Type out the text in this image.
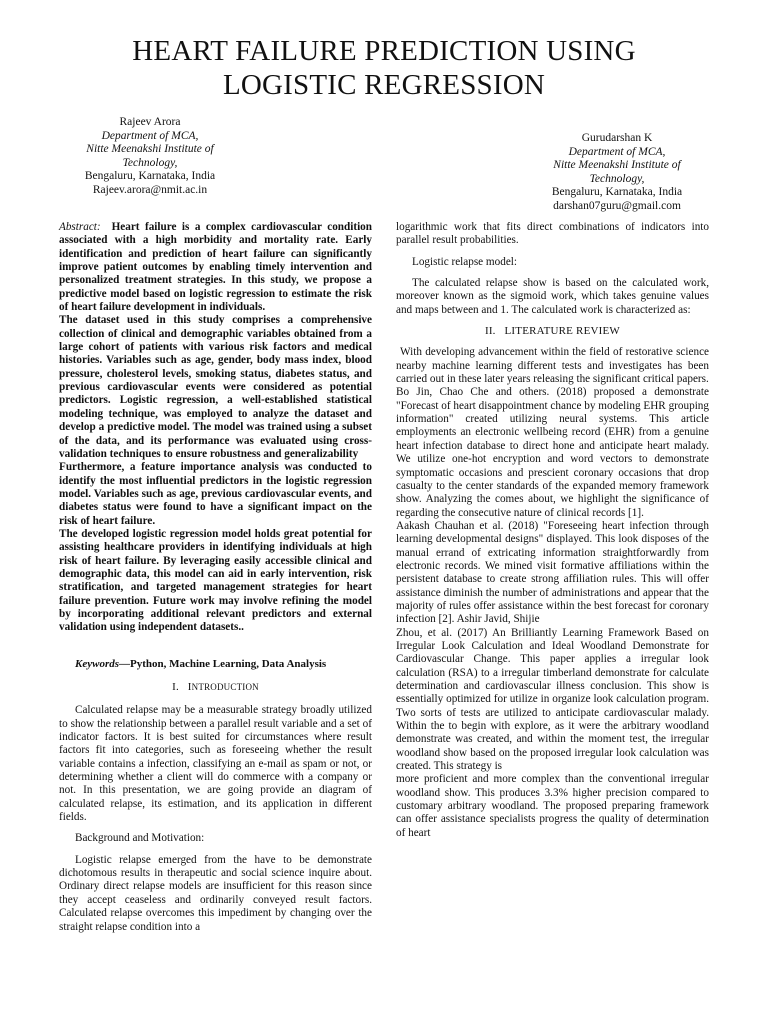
HEART FAILURE PREDICTION USING
LOGISTIC REGRESSION
Rajeev Arora
Department of MCA,
Nitte Meenakshi Institute of
Technology,
Bengaluru, Karnataka, India
Rajeev.arora@nmit.ac.in
Gurudarshan K
Department of MCA,
Nitte Meenakshi Institute of
Technology,
Bengaluru, Karnataka, India
darshan07guru@gmail.com

Abstract: Heart failure is a complex cardiovascular condition associated with a high morbidity and mortality rate. Early identification and prediction of heart failure can significantly improve patient outcomes by enabling timely intervention and personalized treatment strategies. In this study, we propose a predictive model based on logistic regression to estimate the risk of heart failure development in individuals.

The dataset used in this study comprises a comprehensive collection of clinical and demographic variables obtained from a large cohort of patients with various risk factors and medical histories. Variables such as age, gender, body mass index, blood pressure, cholesterol levels, smoking status, diabetes status, and previous cardiovascular events were considered as potential predictors. Logistic regression, a well-established statistical modeling technique, was employed to analyze the dataset and develop a predictive model. The model was trained using a subset of the data, and its performance was evaluated using cross-validation techniques to ensure robustness and generalizability

Furthermore, a feature importance analysis was conducted to identify the most influential predictors in the logistic regression model. Variables such as age, previous cardiovascular events, and diabetes status were found to have a significant impact on the risk of heart failure.

The developed logistic regression model holds great potential for assisting healthcare providers in identifying individuals at high risk of heart failure. By leveraging easily accessible clinical and demographic data, this model can aid in early intervention, risk stratification, and targeted management strategies for heart failure prevention. Future work may involve refining the model by incorporating additional relevant predictors and external validation using independent datasets..

Keywords—Python, Machine Learning, Data Analysis

I. INTRODUCTION

Calculated relapse may be a measurable strategy broadly utilized to show the relationship between a parallel result variable and a set of indicator factors. It is best suited for circumstances where result factors fit into categories, such as foreseeing whether the result variable contains a infection, classifying an e-mail as spam or not, or determining whether a client will do commerce with a company or not. In this presentation, we are going provide an diagram of calculated relapse, its estimation, and its application in different fields.

Background and Motivation:

Logistic relapse emerged from the have to be demonstrate dichotomous results in therapeutic and social science inquire about. Ordinary direct relapse models are insufficient for this reason since they accept ceaseless and ordinarily conveyed result factors. Calculated relapse overcomes this impediment by changing over the straight relapse condition into a

logarithmic work that fits direct combinations of indicators into parallel result probabilities.

Logistic relapse model:

The calculated relapse show is based on the calculated work, moreover known as the sigmoid work, which takes genuine values and maps between and 1. The calculated work is characterized as:

II. LITERATURE REVIEW

With developing advancement within the field of restorative science nearby machine learning different tests and investigates has been carried out in these later years releasing the significant critical papers.

Bo Jin, Chao Che and others. (2018) proposed a demonstrate "Forecast of heart disappointment chance by modeling EHR grouping information" created utilizing neural systems. This article employments an electronic wellbeing record (EHR) from a genuine heart infection database to direct hone and anticipate heart malady. We utilize one-hot encryption and word vectors to demonstrate symptomatic occasions and prescient coronary occasions that drop casualty to the center standards of the expanded memory framework show. Analyzing the comes about, we highlight the significance of regarding the consecutive nature of clinical records [1].

Aakash Chauhan et al. (2018) "Foreseeing heart infection through learning developmental designs" displayed. This look disposes of the manual errand of extricating information straightforwardly from electronic records. We mined visit formative affiliations within the persistent database to create strong affiliation rules. This will offer assistance diminish the number of administrations and appear that the majority of rules offer assistance within the best forecast for coronary infection [2]. Ashir Javid, Shijie

Zhou, et al. (2017) An Brilliantly Learning Framework Based on Irregular Look Calculation and Ideal Woodland Demonstrate for Cardiovascular Change. This paper applies a irregular look calculation (RSA) to a irregular timberland demonstrate for calculate determination and cardiovascular illness conclusion. This show is essentially optimized for utilize in organize look calculation program. Two sorts of tests are utilized to anticipate cardiovascular malady. Within the to begin with explore, as it were the arbitrary woodland demonstrate was created, and within the moment test, the irregular woodland show based on the proposed irregular look calculation was created. This strategy is

more proficient and more complex than the conventional irregular woodland show. This produces 3.3% higher precision compared to customary arbitrary woodland. The proposed preparing framework can offer assistance specialists progress the quality of determination of heart
